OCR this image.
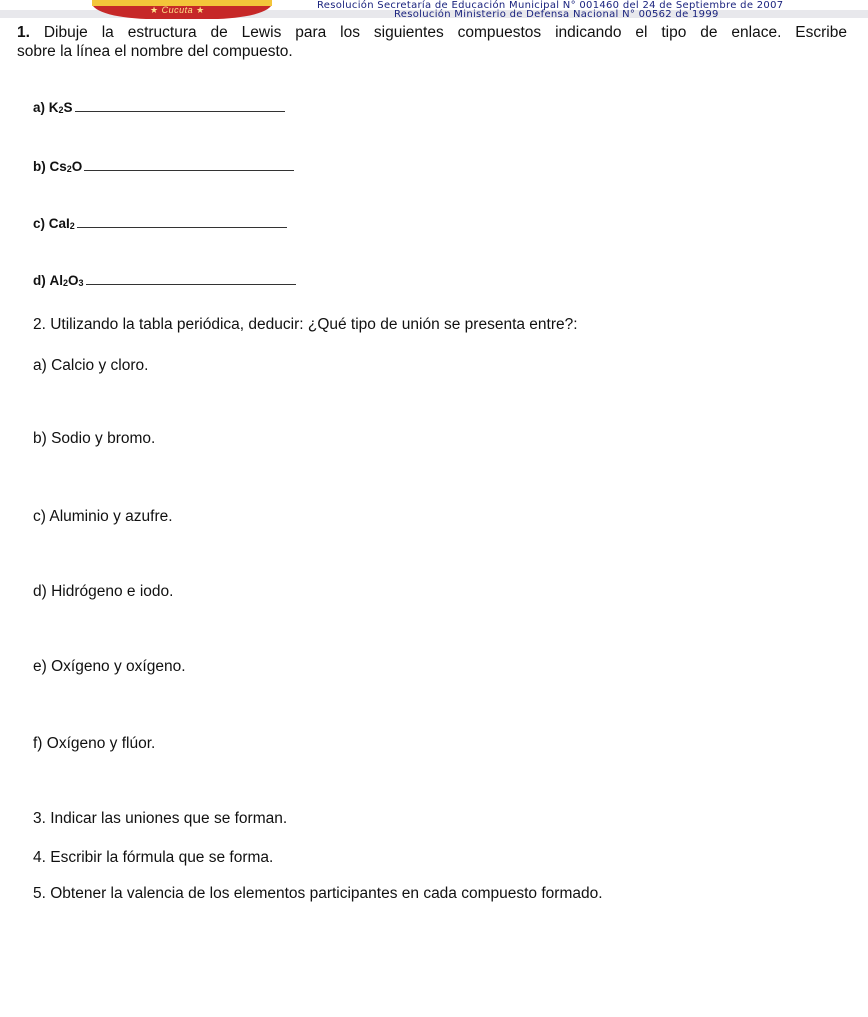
★ Cucuta ★	Resolución Secretaría de Educación Municipal N° 001460 del 24 de Septiembre de 2007
Resolución Ministerio de Defensa Nacional N° 00562 de 1999
1. Dibuje la estructura de Lewis para los siguientes compuestos indicando el tipo de enlace. Escribe
sobre la línea el nombre del compuesto.
a) $K_2S$
b) $Cs_2O$
c) CaI$_2$
d) $Al_2O_3$
2. Utilizando la tabla periódica, deducir: ¿Qué tipo de unión se presenta entre?:
a) Calcio y cloro.
b) Sodio y bromo.
c) Aluminio y azufre.
d) Hidrógeno e iodo.
e) Oxígeno y oxígeno.
f) Oxígeno y flúor.
3. Indicar las uniones que se forman.
4. Escribir la fórmula que se forma.
5. Obtener la valencia de los elementos participantes en cada compuesto formado.
